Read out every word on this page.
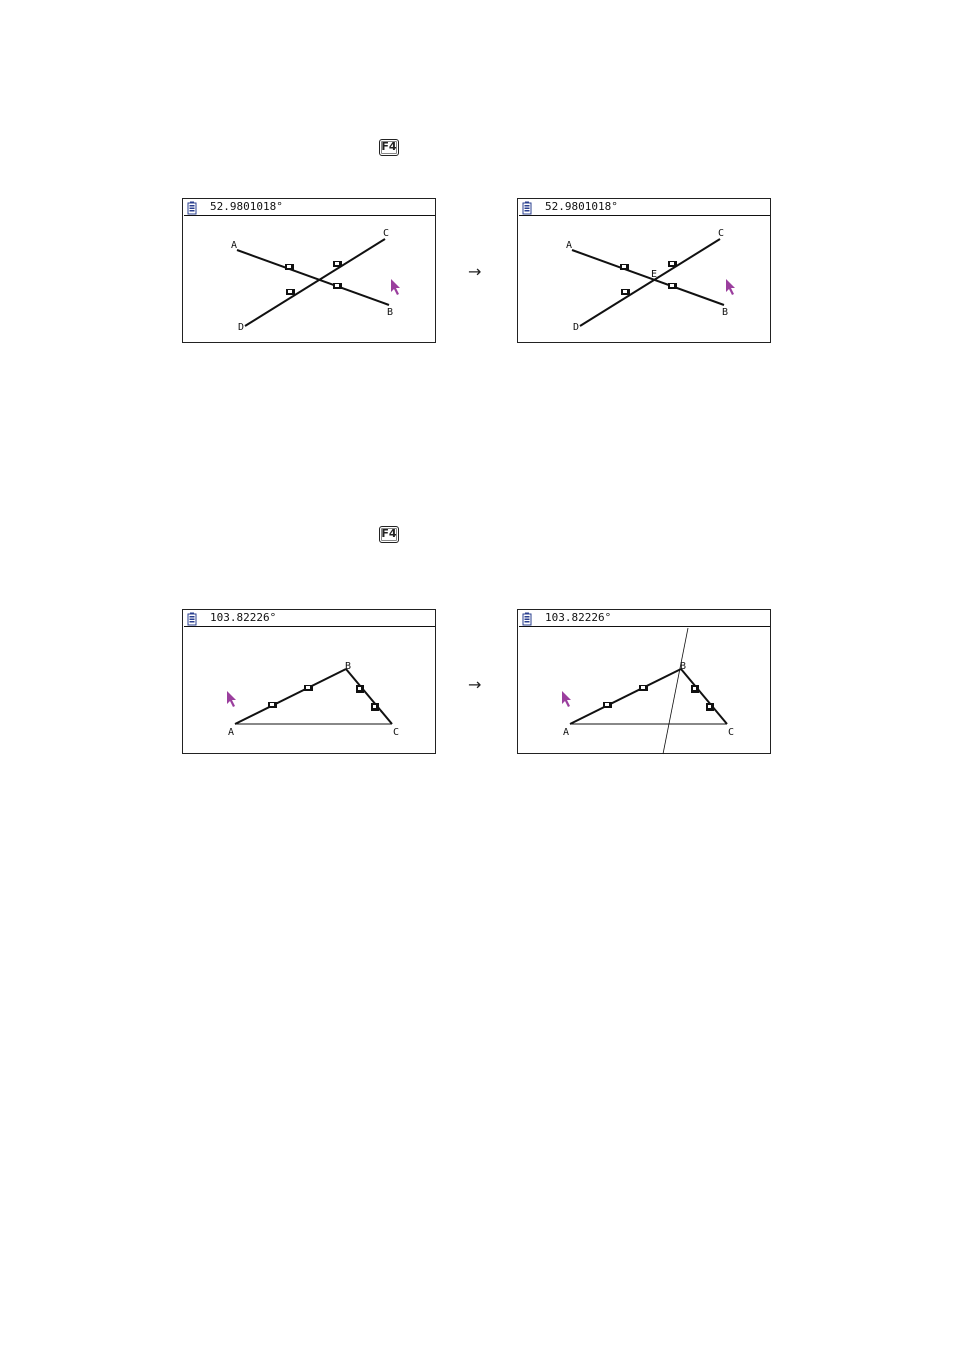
F4
A
C
B
D
52.9801018°
→
A
C
B
D
E
52.9801018°
F4
A
B
C
103.82226°
→
A
B
C
103.82226°
